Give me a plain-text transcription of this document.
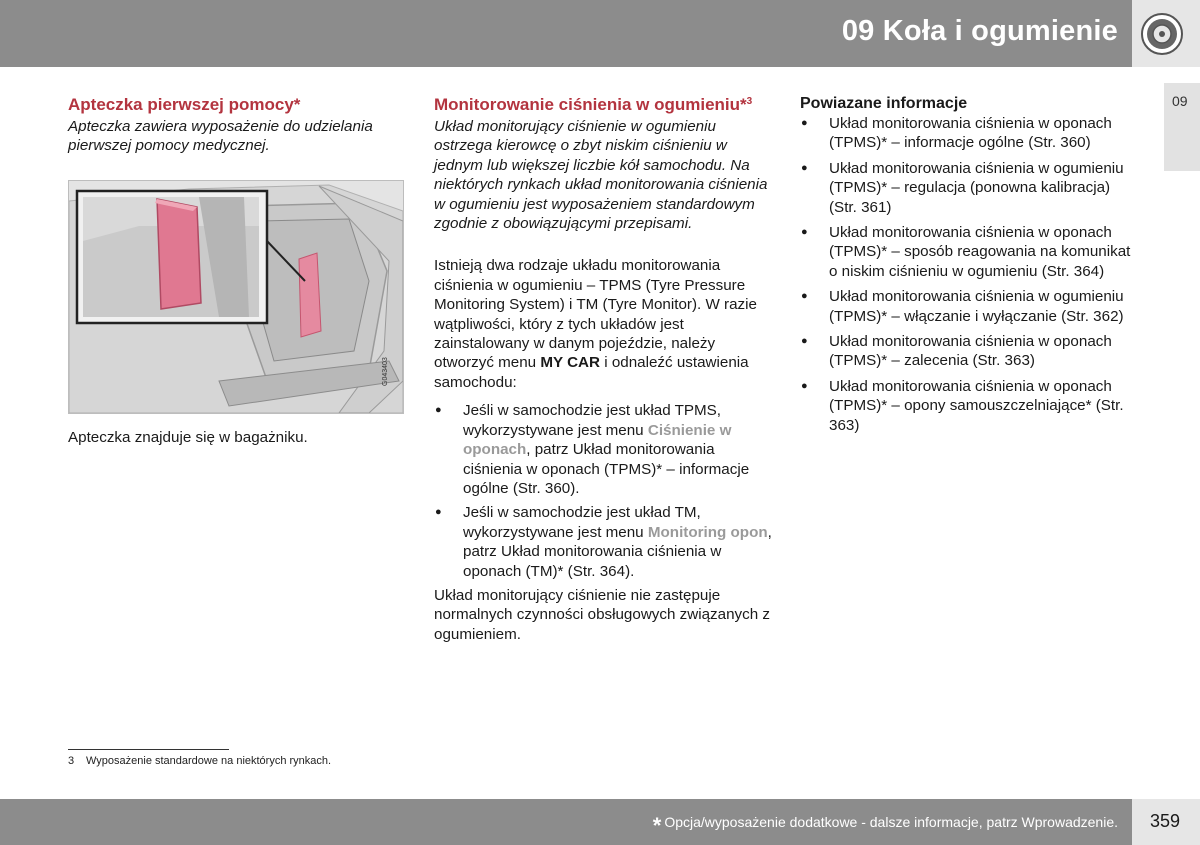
09 Koła i ogumienie
09
Apteczka pierwszej pomocy*

Apteczka zawiera wyposażenie do udzielania pierwszej pomocy medycznej.

G043403

Apteczka znajduje się w bagażniku.

Monitorowanie ciśnienia w ogumieniu*$^3$

Układ monitorujący ciśnienie w ogumieniu ostrzega kierowcę o zbyt niskim ciśnieniu w jednym lub większej liczbie kół samochodu. Na niektórych rynkach układ monitorowania ciśnienia w ogumieniu jest wyposażeniem standardowym zgodnie z obowiązującymi przepisami.

Istnieją dwa rodzaje układu monitorowania ciśnienia w ogumieniu – TPMS (Tyre Pressure Monitoring System) i TM (Tyre Monitor). W razie wątpliwości, który z tych układów jest zainstalowany w danym pojeździe, należy otworzyć menu MY CAR i odnaleźć ustawienia samochodu:

● Jeśli w samochodzie jest układ TPMS, wykorzystywane jest menu Ciśnienie w oponach, patrz Układ monitorowania ciśnienia w oponach (TPMS)* – informacje ogólne (Str. 360).
● Jeśli w samochodzie jest układ TM, wykorzystywane jest menu Monitoring opon, patrz Układ monitorowania ciśnienia w oponach (TM)* (Str. 364).

Układ monitorujący ciśnienie nie zastępuje normalnych czynności obsługowych związanych z ogumieniem.

Powiazane informacje
● Układ monitorowania ciśnienia w oponach (TPMS)* – informacje ogólne (Str. 360)
● Układ monitorowania ciśnienia w ogumieniu (TPMS)* – regulacja (ponowna kalibracja) (Str. 361)
● Układ monitorowania ciśnienia w oponach (TPMS)* – sposób reagowania na komunikat o niskim ciśnieniu w ogumieniu (Str. 364)
● Układ monitorowania ciśnienia w ogumieniu (TPMS)* – włączanie i wyłączanie (Str. 362)
● Układ monitorowania ciśnienia w oponach (TPMS)* – zalecenia (Str. 363)
● Układ monitorowania ciśnienia w oponach (TPMS)* – opony samouszczelniające* (Str. 363)
3 Wyposażenie standardowe na niektórych rynkach.
* Opcja/wyposażenie dodatkowe - dalsze informacje, patrz Wprowadzenie. 359
